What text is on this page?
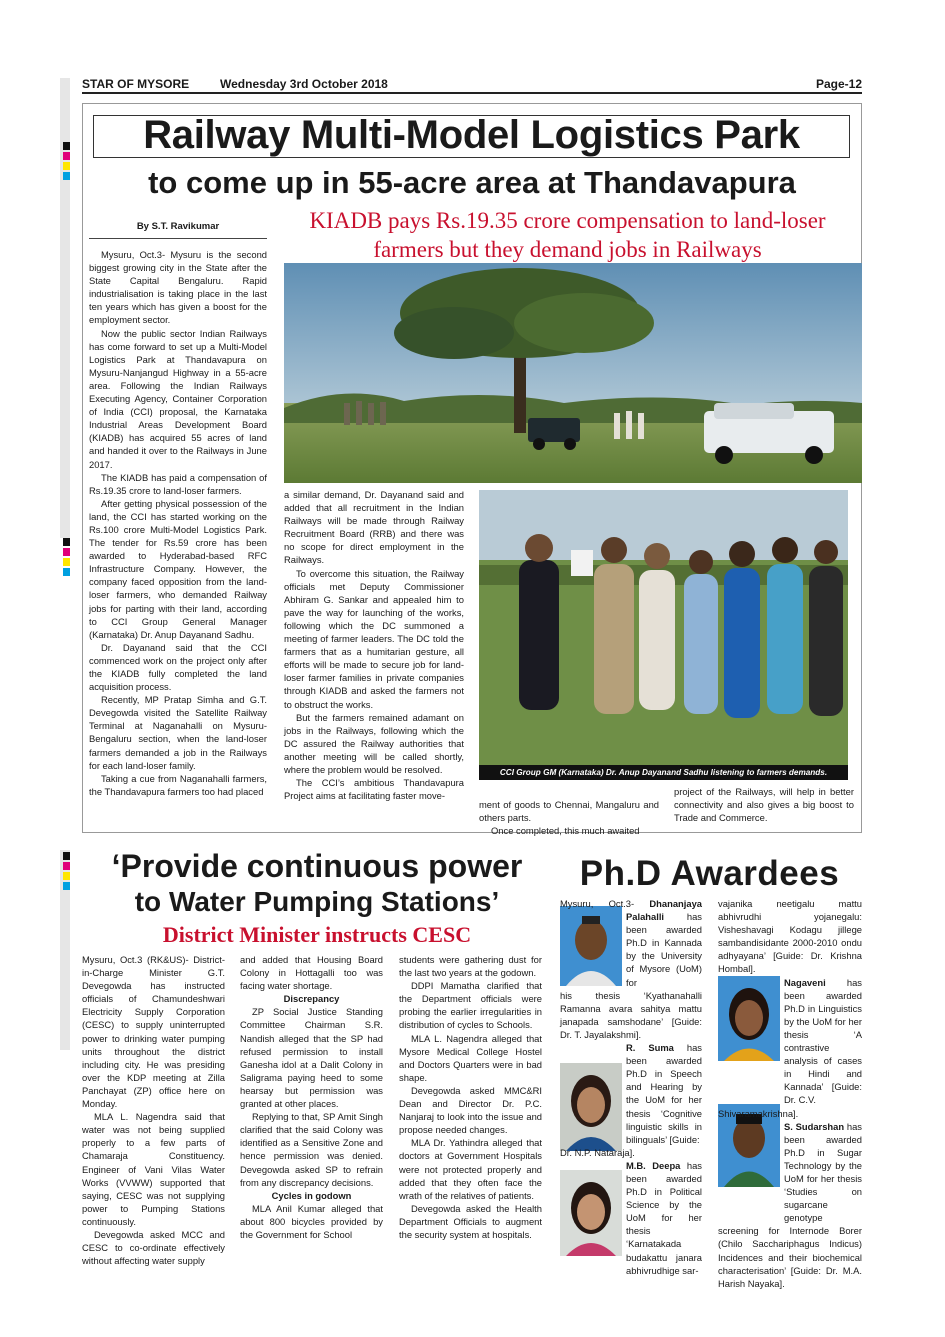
STAR OF MYSORE	Wednesday 3rd October 2018	Page-12
Railway Multi-Model Logistics Park
to come up in 55-acre area at Thandavapura
KIADB pays Rs.19.35 crore compensation to land-loser
farmers but they demand jobs in Railways
By S.T. Ravikumar

Mysuru, Oct.3- Mysuru is the second biggest growing city in the State after the State Capital Bengaluru. Rapid industrialisation is taking place in the last ten years which has given a boost for the employment sector.

Now the public sector Indian Railways has come forward to set up a Multi-Model Logistics Park at Thandavapura on Mysuru-Nanjangud Highway in a 55-acre area. Following the Indian Railways Executing Agency, Container Corporation of India (CCI) proposal, the Karnataka Industrial Areas Development Board (KIADB) has acquired 55 acres of land and handed it over to the Railways in June 2017.

The KIADB has paid a compensation of Rs.19.35 crore to land-loser farmers.

After getting physical possession of the land, the CCI has started working on the Rs.100 crore Multi-Model Logistics Park. The tender for Rs.59 crore has been awarded to Hyderabad-based RFC Infrastructure Company. However, the company faced opposition from the land-loser farmers, who demanded Railway jobs for parting with their land, according to CCI Group General Manager (Karnataka) Dr. Anup Dayanand Sadhu.

Dr. Dayanand said that the CCI commenced work on the project only after the KIADB fully completed the land acquisition process.

Recently, MP Pratap Simha and G.T. Devegowda visited the Satellite Railway Terminal at Naganahalli on Mysuru-Bengaluru section, when the land-loser farmers demanded a job in the Railways for each land-loser family.

Taking a cue from Naganahalli farmers, the Thandavapura farmers too had placed

a similar demand, Dr. Dayanand said and added that all recruitment in the Indian Railways will be made through Railway Recruitment Board (RRB) and there was no scope for direct employment in the Railways.

To overcome this situation, the Railway officials met Deputy Commissioner Abhiram G. Sankar and appealed him to pave the way for launching of the works, following which the DC summoned a meeting of farmer leaders. The DC told the farmers that as a humitarian gesture, all efforts will be made to secure job for land-loser farmer families in private companies through KIADB and asked the farmers not to obstruct the works.

But the farmers remained adamant on jobs in the Railways, following which the DC assured the Railway authorities that another meeting will be called shortly, where the problem would be resolved.

The CCI’s ambitious Thandavapura Project aims at facilitating faster move-

CCI Group GM (Karnataka) Dr. Anup Dayanand Sadhu listening to farmers demands.

ment of goods to Chennai, Mangaluru and others parts.

Once completed, this much awaited

project of the Railways, will help in better connectivity and also gives a big boost to Trade and Commerce.

‘Provide continuous power
to Water Pumping Stations’
District Minister instructs CESC

Mysuru, Oct.3 (RK&US)- District-in-Charge Minister G.T. Devegowda has instructed officials of Chamundeshwari Electricity Supply Corporation (CESC) to supply uninterrupted power to drinking water pumping units throughout the district including city. He was presiding over the KDP meeting at Zilla Panchayat (ZP) office here on Monday.

MLA L. Nagendra said that water was not being supplied properly to a few parts of Chamaraja Constituency. Engineer of Vani Vilas Water Works (VVWW) supported that saying, CESC was not supplying power to Pumping Stations continuously.

Devegowda asked MCC and CESC to co-ordinate effectively without affecting water supply

and added that Housing Board Colony in Hottagalli too was facing water shortage.

Discrepancy

ZP Social Justice Standing Committee Chairman S.R. Nandish alleged that the SP had refused permission to install Ganesha idol at a Dalit Colony in Saligrama paying heed to some hearsay but permission was granted at other places.

Replying to that, SP Amit Singh clarified that the said Colony was identified as a Sensitive Zone and hence permission was denied. Devegowda asked SP to refrain from any discrepancy decisions.

Cycles in godown

MLA Anil Kumar alleged that about 800 bicycles provided by the Government for School

students were gathering dust for the last two years at the godown.

DDPI Mamatha clarified that the Department officials were probing the earlier irregularities in distribution of cycles to Schools.

MLA L. Nagendra alleged that Mysore Medical College Hostel and Doctors Quarters were in bad shape.

Devegowda asked MMC&RI Dean and Director Dr. P.C. Nanjaraj to look into the issue and propose needed changes.

MLA Dr. Yathindra alleged that doctors at Government Hospitals were not protected properly and added that they often face the wrath of the relatives of patients.

Devegowda asked the Health Department Officials to augment the security system at hospitals.

Ph.D Awardees

Mysuru, Oct.3- Dhananjaya Palahalli has been awarded Ph.D in Kannada by the University of Mysore (UoM) for

his thesis ‘Kyathanahalli Ramanna avara sahitya mattu janapada samshodane’ [Guide: Dr. T. Jayalakshmi].

R. Suma has been awarded Ph.D in Speech and Hearing by the UoM for her thesis ‘Cognitive linguistic skills in bilinguals’ [Guide:

Dr. N.P. Nataraja].

M.B. Deepa has been awarded Ph.D in Political Science by the UoM for her thesis ‘Karnatakada budakattu janara abhivrudhige sar-

vajanika neetigalu mattu abhivrudhi yojanegalu: Visheshavagi Kodagu jillege sambandisidante 2000-2010 ondu adhyayana’ [Guide: Dr. Krishna Hombal].

Nagaveni has been awarded Ph.D in Linguistics by the UoM for her thesis ‘A contrastive analysis of cases in Hindi and Kannada’ [Guide: Dr. C.V.

Shivaramakrishna].

S. Sudarshan has been awarded Ph.D in Sugar Technology by the UoM for her thesis ‘Studies on sugarcane genotype

screening for Internode Borer (Chilo Sacchariphagus Indicus) Incidences and their biochemical characterisation’ [Guide: Dr. M.A. Harish Nayaka].
